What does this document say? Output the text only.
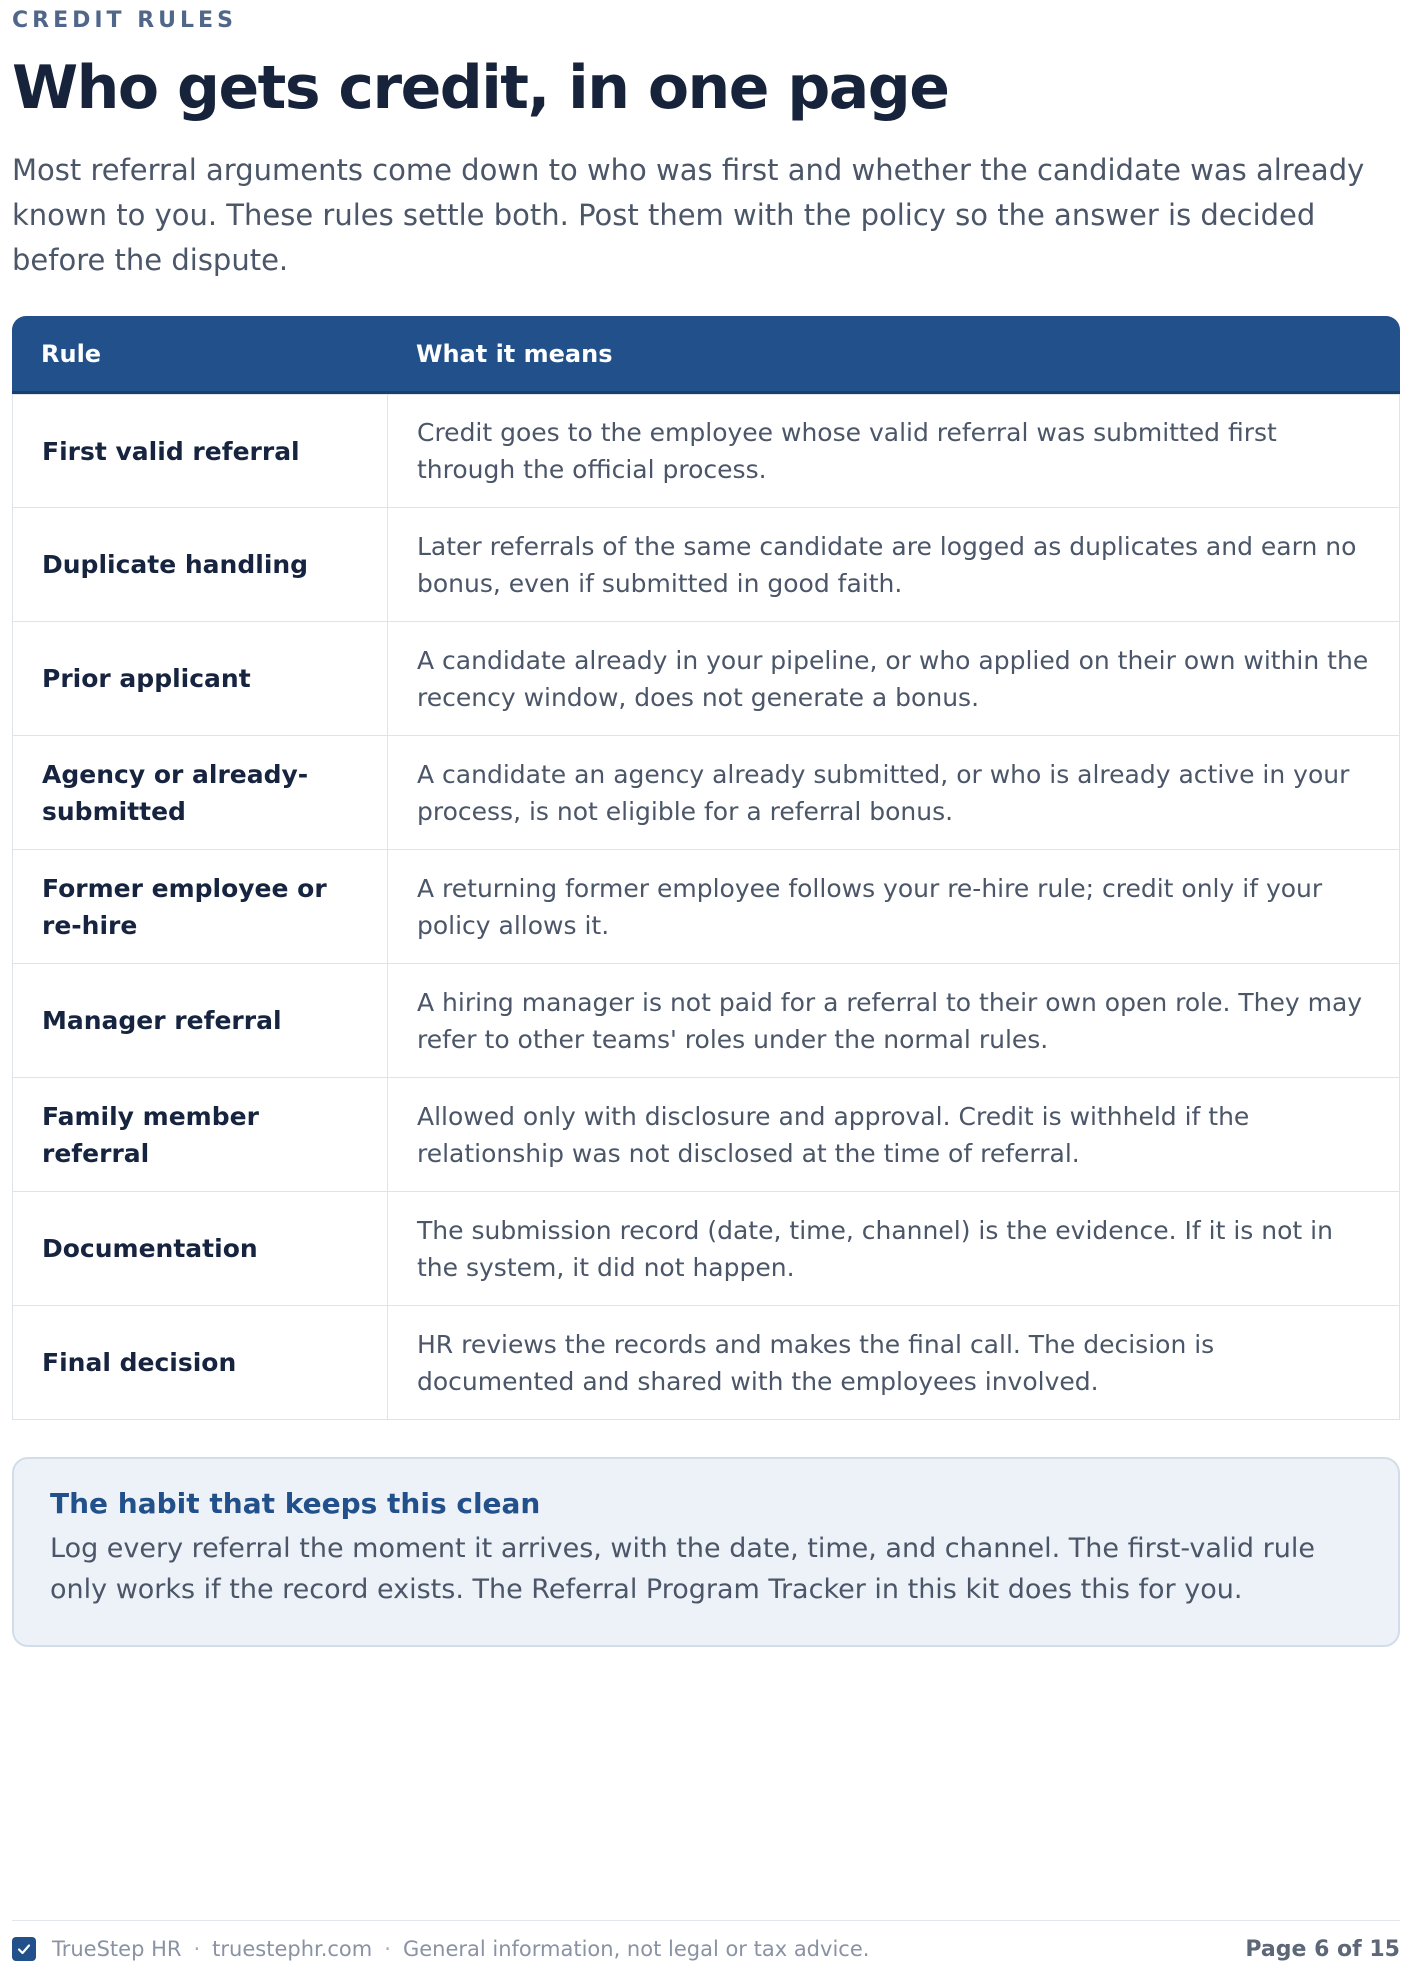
CREDIT RULES
Who gets credit, in one page

Most referral arguments come down to who was first and whether the candidate was already known to you. These rules settle both. Post them with the policy so the answer is decided before the dispute.

Rule	What it means
First valid referral
Credit goes to the employee whose valid referral was submitted first through the official process.
Duplicate handling
Later referrals of the same candidate are logged as duplicates and earn no bonus, even if submitted in good faith.
Prior applicant
A candidate already in your pipeline, or who applied on their own within the recency window, does not generate a bonus.
Agency or already-submitted
A candidate an agency already submitted, or who is already active in your process, is not eligible for a referral bonus.
Former employee or re-hire
A returning former employee follows your re-hire rule; credit only if your policy allows it.
Manager referral
A hiring manager is not paid for a referral to their own open role. They may refer to other teams' roles under the normal rules.
Family member referral
Allowed only with disclosure and approval. Credit is withheld if the relationship was not disclosed at the time of referral.
Documentation
The submission record (date, time, channel) is the evidence. If it is not in the system, it did not happen.
Final decision
HR reviews the records and makes the final call. The decision is documented and shared with the employees involved.
The habit that keeps this clean
Log every referral the moment it arrives, with the date, time, and channel. The first-valid rule only works if the record exists. The Referral Program Tracker in this kit does this for you.
TrueStep HR · truestephr.com · General information, not legal or tax advice.	Page 6 of 15
